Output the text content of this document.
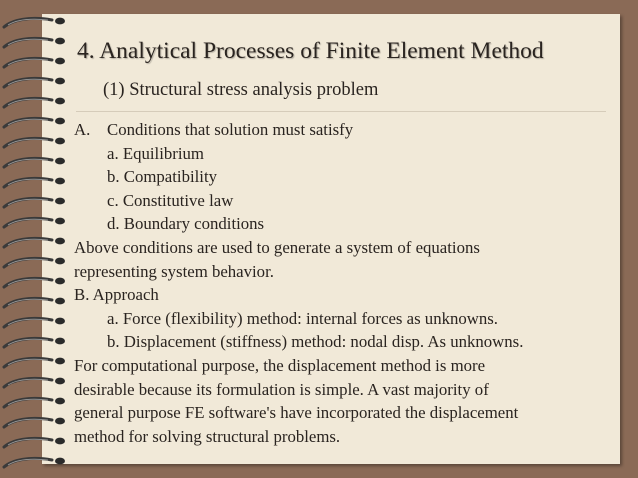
4. Analytical Processes of Finite Element Method
(1) Structural stress analysis problem
A. Conditions that solution must satisfy
a. Equilibrium
b. Compatibility
c. Constitutive law
d. Boundary conditions
Above conditions are used to generate a system of equations
representing system behavior.
B. Approach
a. Force (flexibility) method: internal forces as unknowns.
b. Displacement (stiffness) method: nodal disp. As unknowns.
For computational purpose, the displacement method is more
desirable because its formulation is simple. A vast majority of
general purpose FE software's have incorporated the displacement
method for solving structural problems.
